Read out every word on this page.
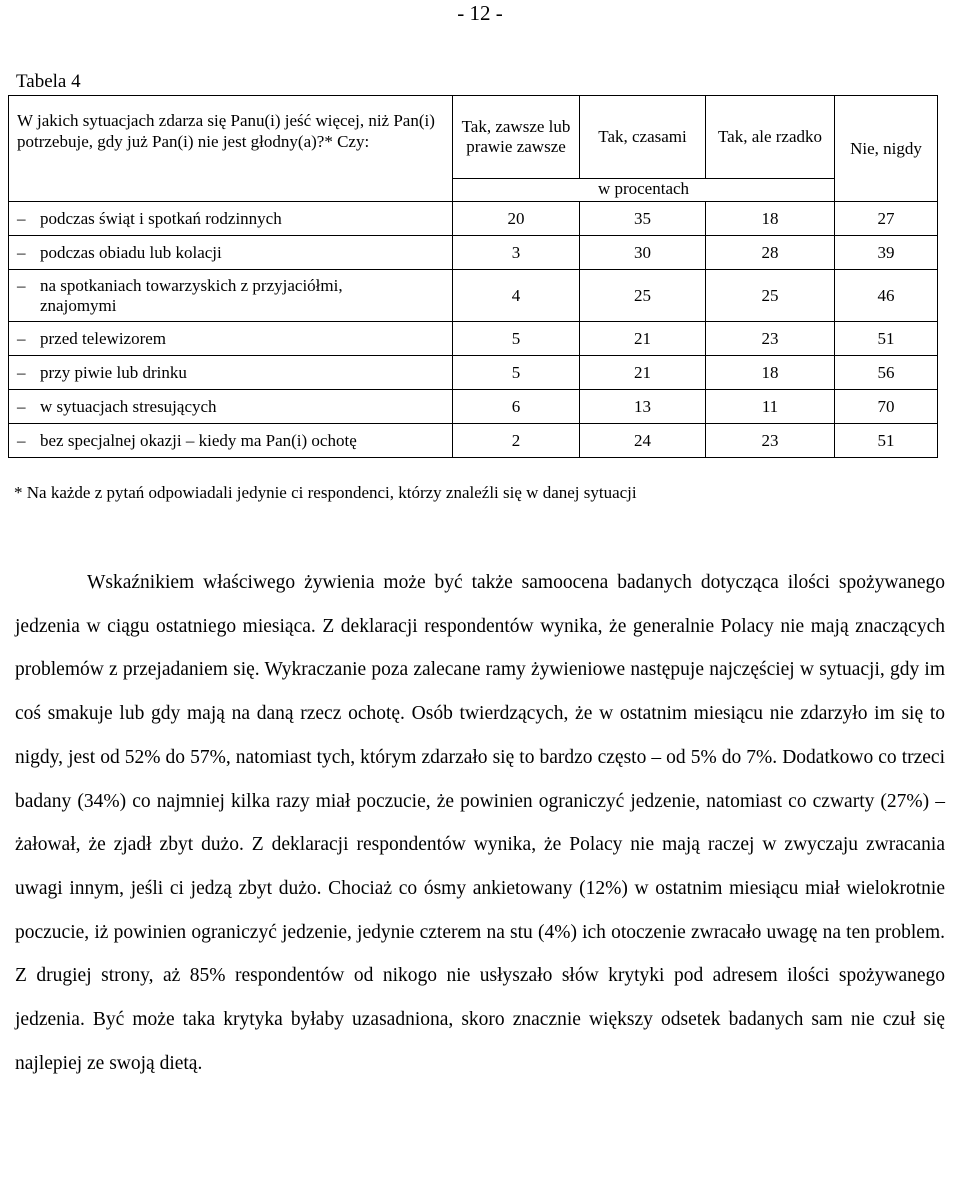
- 12 -
Tabela 4
W jakich sytuacjach zdarza się Panu(i) jeść więcej, niż Pan(i) potrzebuje, gdy już Pan(i) nie jest głodny(a)?* Czy:	Tak, zawsze lub prawie zawsze	Tak, czasami	Tak, ale rzadko	Nie, nigdy
	w procentach			

–
podczas świąt i spotkań rodzinnych	20	35	18	27

–
podczas obiadu lub kolacji	3	30	28	39

–
na spotkaniach towarzyskich z przyjaciółmi, znajomymi	4	25	25	46

–
przed telewizorem	5	21	23	51

–
przy piwie lub drinku	5	21	18	56

–
w sytuacjach stresujących	6	13	11	70

–
bez specjalnej okazji – kiedy ma Pan(i) ochotę	2	24	23	51
* Na każde z pytań odpowiadali jedynie ci respondenci, którzy znaleźli się w danej sytuacji

Wskaźnikiem właściwego żywienia może być także samoocena badanych dotycząca ilości spożywanego jedzenia w ciągu ostatniego miesiąca. Z deklaracji respondentów wynika, że generalnie Polacy nie mają znaczących problemów z przejadaniem się. Wykraczanie poza zalecane ramy żywieniowe następuje najczęściej w sytuacji, gdy im coś smakuje lub gdy mają na daną rzecz ochotę. Osób twierdzących, że w ostatnim miesiącu nie zdarzyło im się to nigdy, jest od 52% do 57%, natomiast tych, którym zdarzało się to bardzo często – od 5% do 7%. Dodatkowo co trzeci badany (34%) co najmniej kilka razy miał poczucie, że powinien ograniczyć jedzenie, natomiast co czwarty (27%) – żałował, że zjadł zbyt dużo. Z deklaracji respondentów wynika, że Polacy nie mają raczej w zwyczaju zwracania uwagi innym, jeśli ci jedzą zbyt dużo. Chociaż co ósmy ankietowany (12%) w ostatnim miesiącu miał wielokrotnie poczucie, iż powinien ograniczyć jedzenie, jedynie czterem na stu (4%) ich otoczenie zwracało uwagę na ten problem. Z drugiej strony, aż 85% respondentów od nikogo nie usłyszało słów krytyki pod adresem ilości spożywanego jedzenia. Być może taka krytyka byłaby uzasadniona, skoro znacznie większy odsetek badanych sam nie czuł się najlepiej ze swoją dietą.
